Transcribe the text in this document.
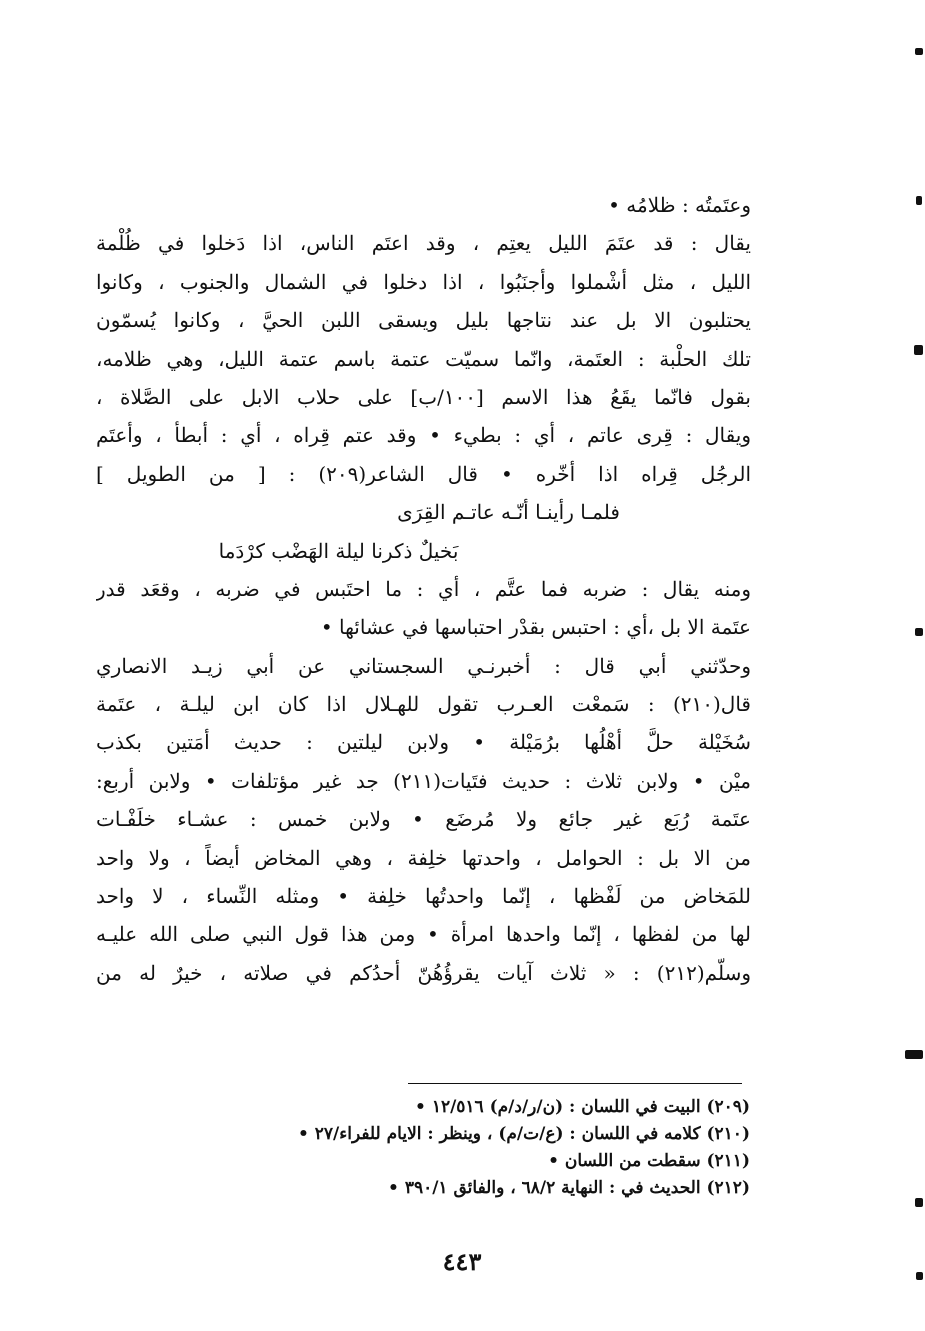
وعتَمتُه : ظلامُه •
يقال : قد عتَمَ الليل يعتِم ، وقد اعتَم الناس، اذا دَخلوا في ظُلْمة
الليل ، مثل أشْملوا وأجنَبُوا ، اذا دخلوا في الشمال والجنوب ، وكانوا
يحتلبون الا بل عند نتاجها بليل ويسقى اللبن الحيَّ ، وكانوا يُسمّون
تلك الحلْبة : العتَمة، وانّما سميّت عتمة باسم عتمة الليل، وهي ظلامه،
بقول فانّما يقَعُ هذا الاسم [١٠٠/ب] على حلاب الابل على الصَّلاة ،
ويقال : قِرى عاتم ، أي : بطيء • وقد عتم قِراه ، أي : أبطأ ، وأعتَم
الرجُل قِراه اذا أخّره • قال الشاعر(٢٠٩) : [ من الطويل ]
فلمـا رأينـا أنّـه عاتـم القِرَى
بَخيلٌ ذكرنا ليلة الهَضْب كرْدَما
ومنه يقال : ضربه فما عتَّم ، أي : ما احتَبس في ضربه ، وقعَد قدر
عتَمة الا بل ،أي : احتبس بقدْر احتباسها في عشائها •
وحدّثني أبي قال : أخبرنـي السجستاني عن أبي زيـد الانصاري
قال(٢١٠) : سَمعْت العـرب تقول للهـلال اذا كان ابن ليلـة ، عتَمة
سُخَيْلة حلَّ أهْلُها برُمَيْلة • ولابن ليلتين : حديث أمَتين بكذب
ميْن • ولابن ثلاث : حديث فتَيات(٢١١) جد غير مؤتلفات • ولابن أربع:
عتَمة رُبَع غير جائع ولا مُرضَع • ولابن خمس : عشـاء خلَفْـات
من الا بل : الحوامل ، واحدتها خلِفة ، وهي المخاض أيضاً ، ولا واحد
للمَخاض من لَفْظها ، إنّما واحدتُها خلِفة • ومثله النِّساء ، لا واحد
لها من لفظها ، إنّما واحدها امرأة • ومن هذا قول النبي صلى الله عليـه
وسلّم(٢١٢) : « ثلاث آيات يقرؤُهُنّ أحدُكم في صلاته ، خيرٌ له من
(٢٠٩) البيت في اللسان : (ن/ر/د/م) ١٢/٥١٦ •
(٢١٠) كلامه في اللسان : (ع/ت/م) ، وينظر : الايام للفراء/٢٧ •
(٢١١) سقطت من اللسان •
(٢١٢) الحديث في : النهاية ٦٨/٢ ، والفائق ٣٩٠/١ •
٤٤٣
